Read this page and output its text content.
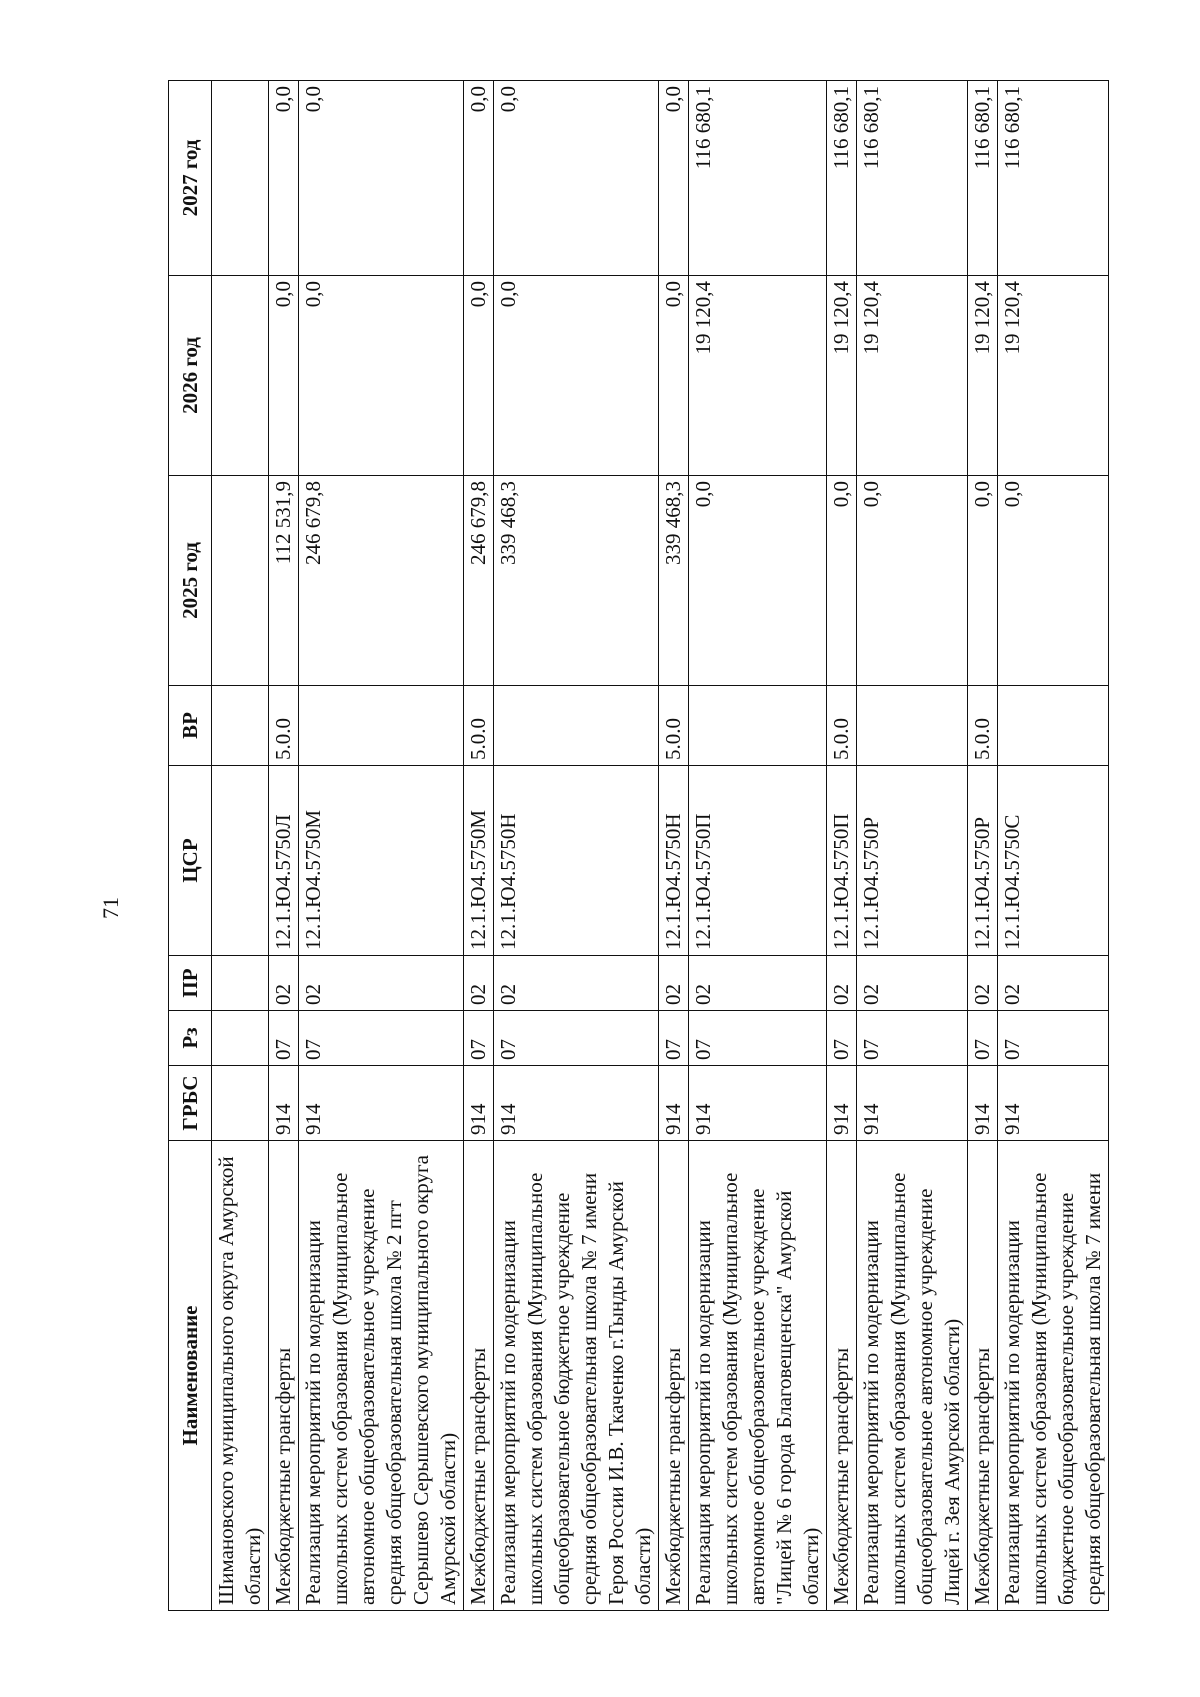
71
Наименование	ГРБС	Рз	ПР	ЦСР	ВР	2025 год	2026 год	2027 год
Шимановского муниципального округа Амурской области)								
Межбюджетные трансферты	914	07	02	12.1.Ю4.5750Л	5.0.0	112 531,9	0,0	0,0
Реализация мероприятий по модернизации школьных систем образования (Муниципальное автономное общеобразовательное учреждение средняя общеобразовательная школа № 2 пгт Серышево Серышевского муниципального округа Амурской области)	914	07	02	12.1.Ю4.5750М		246 679,8	0,0	0,0
Межбюджетные трансферты	914	07	02	12.1.Ю4.5750М	5.0.0	246 679,8	0,0	0,0
Реализация мероприятий по модернизации школьных систем образования (Муниципальное общеобразовательное бюджетное учреждение средняя общеобразовательная школа № 7 имени Героя России И.В. Ткаченко г.Тынды Амурской области)	914	07	02	12.1.Ю4.5750Н		339 468,3	0,0	0,0
Межбюджетные трансферты	914	07	02	12.1.Ю4.5750Н	5.0.0	339 468,3	0,0	0,0
Реализация мероприятий по модернизации школьных систем образования (Муниципальное автономное общеобразовательное учреждение "Лицей № 6 города Благовещенска" Амурской области)	914	07	02	12.1.Ю4.5750П		0,0	19 120,4	116 680,1
Межбюджетные трансферты	914	07	02	12.1.Ю4.5750П	5.0.0	0,0	19 120,4	116 680,1
Реализация мероприятий по модернизации школьных систем образования (Муниципальное общеобразовательное автономное учреждение Лицей г. Зея Амурской области)	914	07	02	12.1.Ю4.5750Р		0,0	19 120,4	116 680,1
Межбюджетные трансферты	914	07	02	12.1.Ю4.5750Р	5.0.0	0,0	19 120,4	116 680,1
Реализация мероприятий по модернизации школьных систем образования (Муниципальное бюджетное общеобразовательное учреждение средняя общеобразовательная школа № 7 имени	914	07	02	12.1.Ю4.5750С		0,0	19 120,4	116 680,1
